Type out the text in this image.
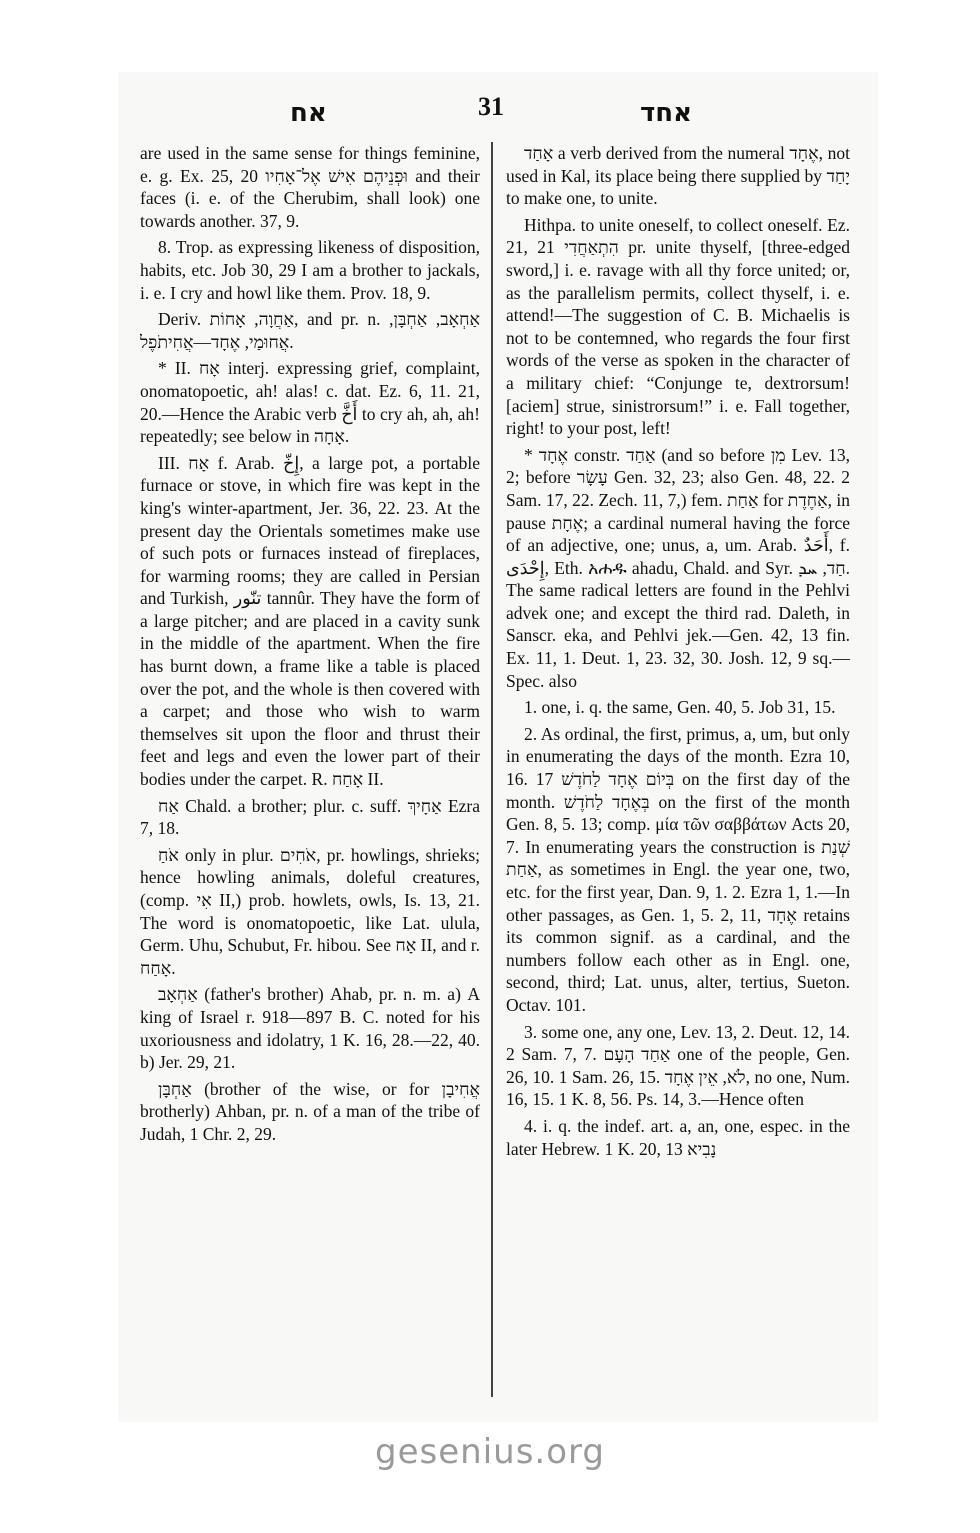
אח	31	אחד

are used in the same sense for things feminine, e. g. Ex. 25, 20 וּפְנֵיהֶם אִישׁ אֶל־אָחִיו and their faces (i. e. of the Cherubim, shall look) one towards another. 37, 9.

8. Trop. as expressing likeness of disposition, habits, etc. Job 30, 29 I am a brother to jackals, i. e. I cry and howl like them. Prov. 18, 9.

Deriv. אַחֲוָה, אָחוֹת, and pr. n. אַחְאָב, אַחְבָּן, אֲחוּמַי, אֶחָד—אֲחִיתֹפֶל.

* II. אָח interj. expressing grief, complaint, onomatopoetic, ah! alas! c. dat. Ez. 6, 11. 21, 20.—Hence the Arabic verb أَخَّ to cry ah, ah, ah! repeatedly; see below in אָחָה.

III. אָח f. Arab. إِخّ, a large pot, a portable furnace or stove, in which fire was kept in the king's winter-apartment, Jer. 36, 22. 23. At the present day the Orientals sometimes make use of such pots or furnaces instead of fireplaces, for warming rooms; they are called in Persian and Turkish, تنّور tannûr. They have the form of a large pitcher; and are placed in a cavity sunk in the middle of the apartment. When the fire has burnt down, a frame like a table is placed over the pot, and the whole is then covered with a carpet; and those who wish to warm themselves sit upon the floor and thrust their feet and legs and even the lower part of their bodies under the carpet. R. אָחַח II.

אַח Chald. a brother; plur. c. suff. אַחָיךְ Ezra 7, 18.

אֹחַ only in plur. אֹחִים, pr. howlings, shrieks; hence howling animals, doleful creatures, (comp. אִי II,) prob. howlets, owls, Is. 13, 21. The word is onomatopoetic, like Lat. ulula, Germ. Uhu, Schubut, Fr. hibou. See אָח II, and r. אָחַח.

אַחְאָב (father's brother) Ahab, pr. n. m. a) A king of Israel r. 918—897 B. C. noted for his uxoriousness and idolatry, 1 K. 16, 28.—22, 40. b) Jer. 29, 21.

אַחְבָּן (brother of the wise, or for אֲחִיבָן brotherly) Ahban, pr. n. of a man of the tribe of Judah, 1 Chr. 2, 29.

אָחַד a verb derived from the numeral אֶחָד, not used in Kal, its place being there supplied by יָחַד to make one, to unite.

Hithpa. to unite oneself, to collect oneself. Ez. 21, 21 הִתְאַחֲדִי pr. unite thyself, [three-edged sword,] i. e. ravage with all thy force united; or, as the parallelism permits, collect thyself, i. e. attend!—The suggestion of C. B. Michaelis is not to be contemned, who regards the four first words of the verse as spoken in the character of a military chief: “Conjunge te, dextrorsum! [aciem] strue, sinistrorsum!” i. e. Fall together, right! to your post, left!

* אֶחָד constr. אַחַד (and so before מִן Lev. 13, 2; before עָשָׂר Gen. 32, 23; also Gen. 48, 22. 2 Sam. 17, 22. Zech. 11, 7,) fem. אַחַת for אַחֶדֶת, in pause אֶחָת; a cardinal numeral having the force of an adjective, one; unus, a, um. Arab. أَحَدٌ, f. إِحْدَى, Eth. አሐዱ ahadu, Chald. and Syr. חַד, ܚܕ. The same radical letters are found in the Pehlvi advek one; and except the third rad. Daleth, in Sanscr. eka, and Pehlvi jek.—Gen. 42, 13 fin. Ex. 11, 1. Deut. 1, 23. 32, 30. Josh. 12, 9 sq.—Spec. also

1. one, i. q. the same, Gen. 40, 5. Job 31, 15.

2. As ordinal, the first, primus, a, um, but only in enumerating the days of the month. Ezra 10, 16. 17 בְּיוֹם אֶחָד לַחֹדֶשׁ on the first day of the month. בְּאֶחָד לַחֹדֶשׁ on the first of the month Gen. 8, 5. 13; comp. μία τῶν σαββάτων Acts 20, 7. In enumerating years the construction is שְׁנַת אַחַת, as sometimes in Engl. the year one, two, etc. for the first year, Dan. 9, 1. 2. Ezra 1, 1.—In other passages, as Gen. 1, 5. 2, 11, אֶחָד retains its common signif. as a cardinal, and the numbers follow each other as in Engl. one, second, third; Lat. unus, alter, tertius, Sueton. Octav. 101.

3. some one, any one, Lev. 13, 2. Deut. 12, 14. 2 Sam. 7, 7. אַחַד הָעָם one of the people, Gen. 26, 10. 1 Sam. 26, 15. לֹא, אֵין אֶחָד, no one, Num. 16, 15. 1 K. 8, 56. Ps. 14, 3.—Hence often

4. i. q. the indef. art. a, an, one, espec. in the later Hebrew. 1 K. 20, 13 נָבִיא

gesenius.org
